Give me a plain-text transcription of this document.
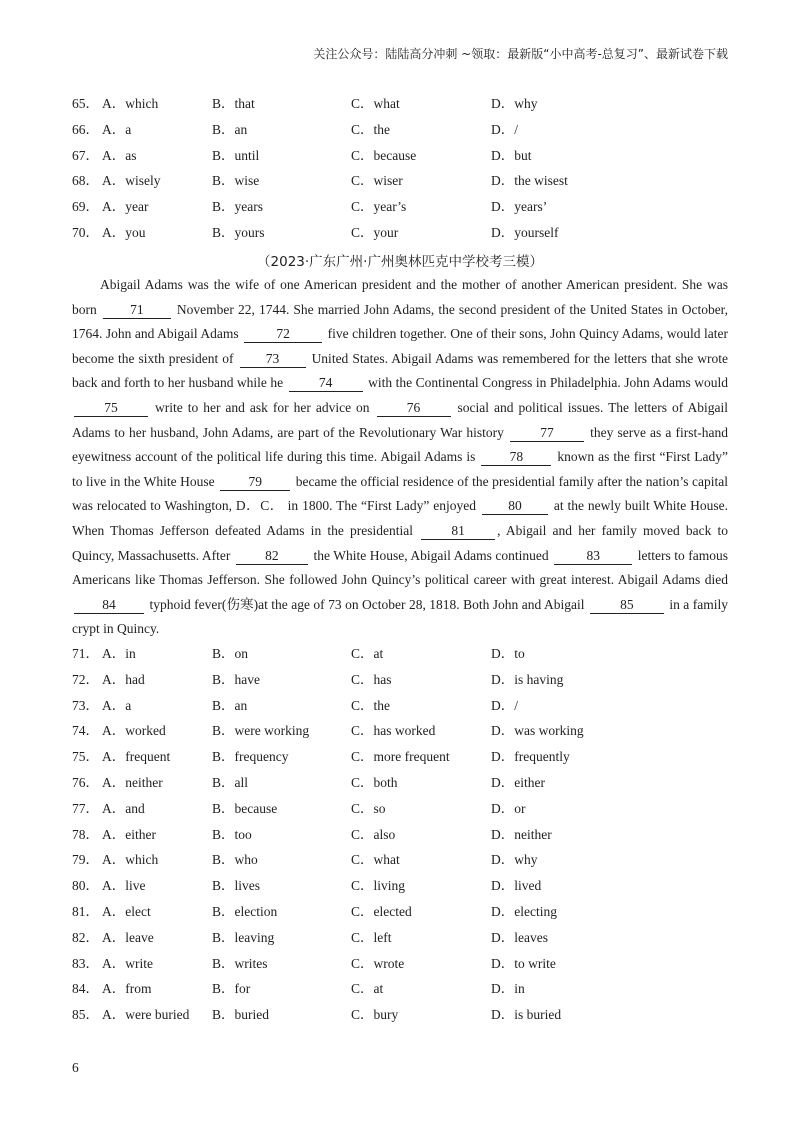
关注公众号：陆陆高分冲刺 ~领取：最新版“小中高考-总复习”、最新试卷下载
65． A．which	B．that	C．what	D．why
66． A．a	B．an	C．the	D．/
67． A．as	B．until	C．because	D．but
68． A．wisely	B．wise	C．wiser	D．the wisest
69． A．year	B．years	C．year’s	D．years’
70． A．you	B．yours	C．your	D．yourself
（2023·广东广州·广州奥林匹克中学校考三模）
Abigail Adams was the wife of one American president and the mother of another American president. She was born 71 November 22, 1744. She married John Adams, the second president of the United States in October, 1764. John and Abigail Adams	72	five children together. One of their sons, John Quincy Adams, would later become the sixth president of 73 United States. Abigail Adams was remembered for the letters that she wrote back and forth to her husband while he 74 with the Continental Congress in Philadelphia. John Adams would 75 write to her and ask for her advice on 76 social and political issues. The letters of Abigail Adams to her husband, John Adams, are part of the Revolutionary War history 77 they serve as a first-hand eyewitness account of the political life during this time. Abigail Adams is 78 known as the first “First Lady” to live in the White House 79 became the official residence of the presidential family after the nation’s capital was relocated to Washington, D．C． in 1800. The “First Lady” enjoyed 80 at the newly built White House. When Thomas Jefferson defeated Adams in the presidential 81 , Abigail and her family moved back to Quincy, Massachusetts. After 82 the White House, Abigail Adams continued	83	letters to famous Americans like Thomas Jefferson. She followed John Quincy’s political career with great interest. Abigail Adams died 84 typhoid fever(伤寒)at the age of 73 on October 28, 1818. Both John and Abigail 85 in a family crypt in Quincy.
71． A．in	B．on	C．at	D．to
72． A．had	B．have	C．has	D．is having
73． A．a	B．an	C．the	D．/
74． A．worked	B．were working	C．has worked	D．was working
75． A．frequent	B．frequency	C．more frequent	D．frequently
76． A．neither	B．all	C．both	D．either
77． A．and	B．because	C．so	D．or
78． A．either	B．too	C．also	D．neither
79． A．which	B．who	C．what	D．why
80． A．live	B．lives	C．living	D．lived
81． A．elect	B．election	C．elected	D．electing
82． A．leave	B．leaving	C．left	D．leaves
83． A．write	B．writes	C．wrote	D．to write
84． A．from	B．for	C．at	D．in
85． A．were buried B．buried	C．bury	D．is buried
6
